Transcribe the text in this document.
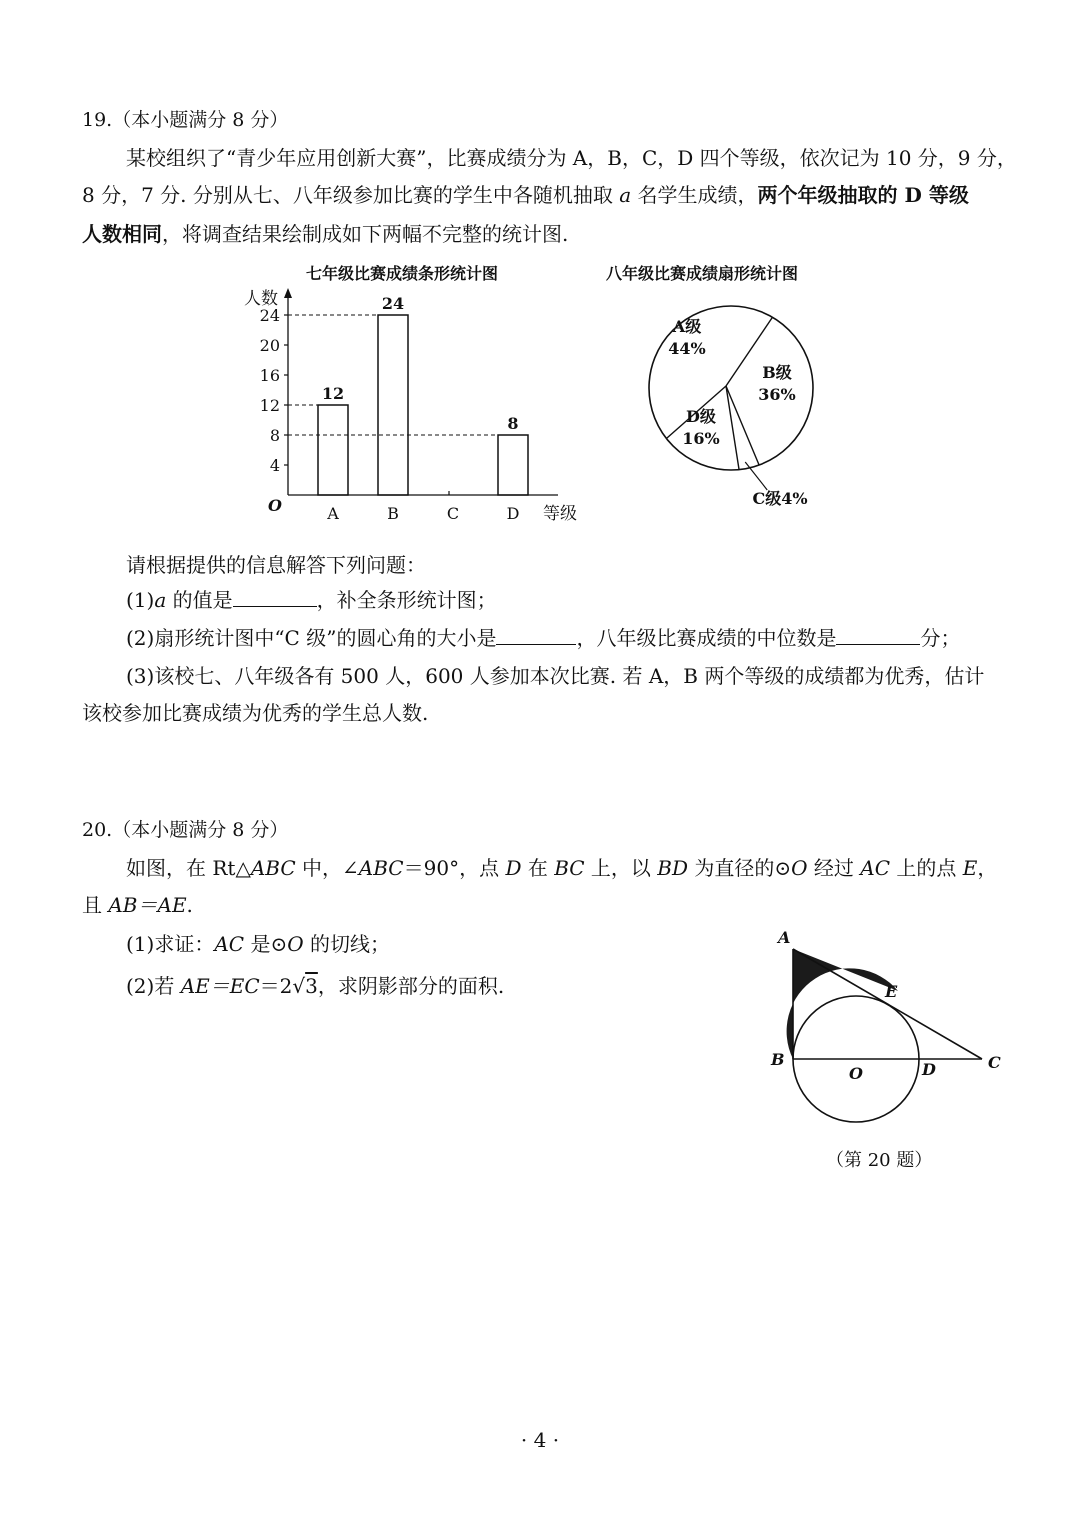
19.（本小题满分 8 分）
某校组织了“青少年应用创新大赛”，比赛成绩分为 A，B，C，D 四个等级，依次记为 10 分，9 分，
8 分，7 分. 分别从七、八年级参加比赛的学生中各随机抽取 a 名学生成绩，两个年级抽取的 D 等级
人数相同，将调查结果绘制成如下两幅不完整的统计图.
七年级比赛成绩条形统计图	八年级比赛成绩扇形统计图
人数
等级
O
4
8
12
16
20
24
A
12
B
24
C	D
8
A级
44%
B级
36%
D级
16%
C级4%
请根据提供的信息解答下列问题：
(1)a 的值是	，补全条形统计图；
(2)扇形统计图中“C 级”的圆心角的大小是	，八年级比赛成绩的中位数是	分；
(3)该校七、八年级各有 500 人，600 人参加本次比赛. 若 A，B 两个等级的成绩都为优秀，估计
该校参加比赛成绩为优秀的学生总人数.
20.（本小题满分 8 分）
如图，在 Rt△ABC 中，∠ABC＝90°，点 D 在 BC 上，以 BD 为直径的⊙O 经过 AC 上的点 E，
且 AB＝AE.
(1)求证：AC 是⊙O 的切线；
(2)若 AE＝EC＝2√3，求阴影部分的面积.
A
E
B
O	D	C
（第 20 题）
· 4 ·
